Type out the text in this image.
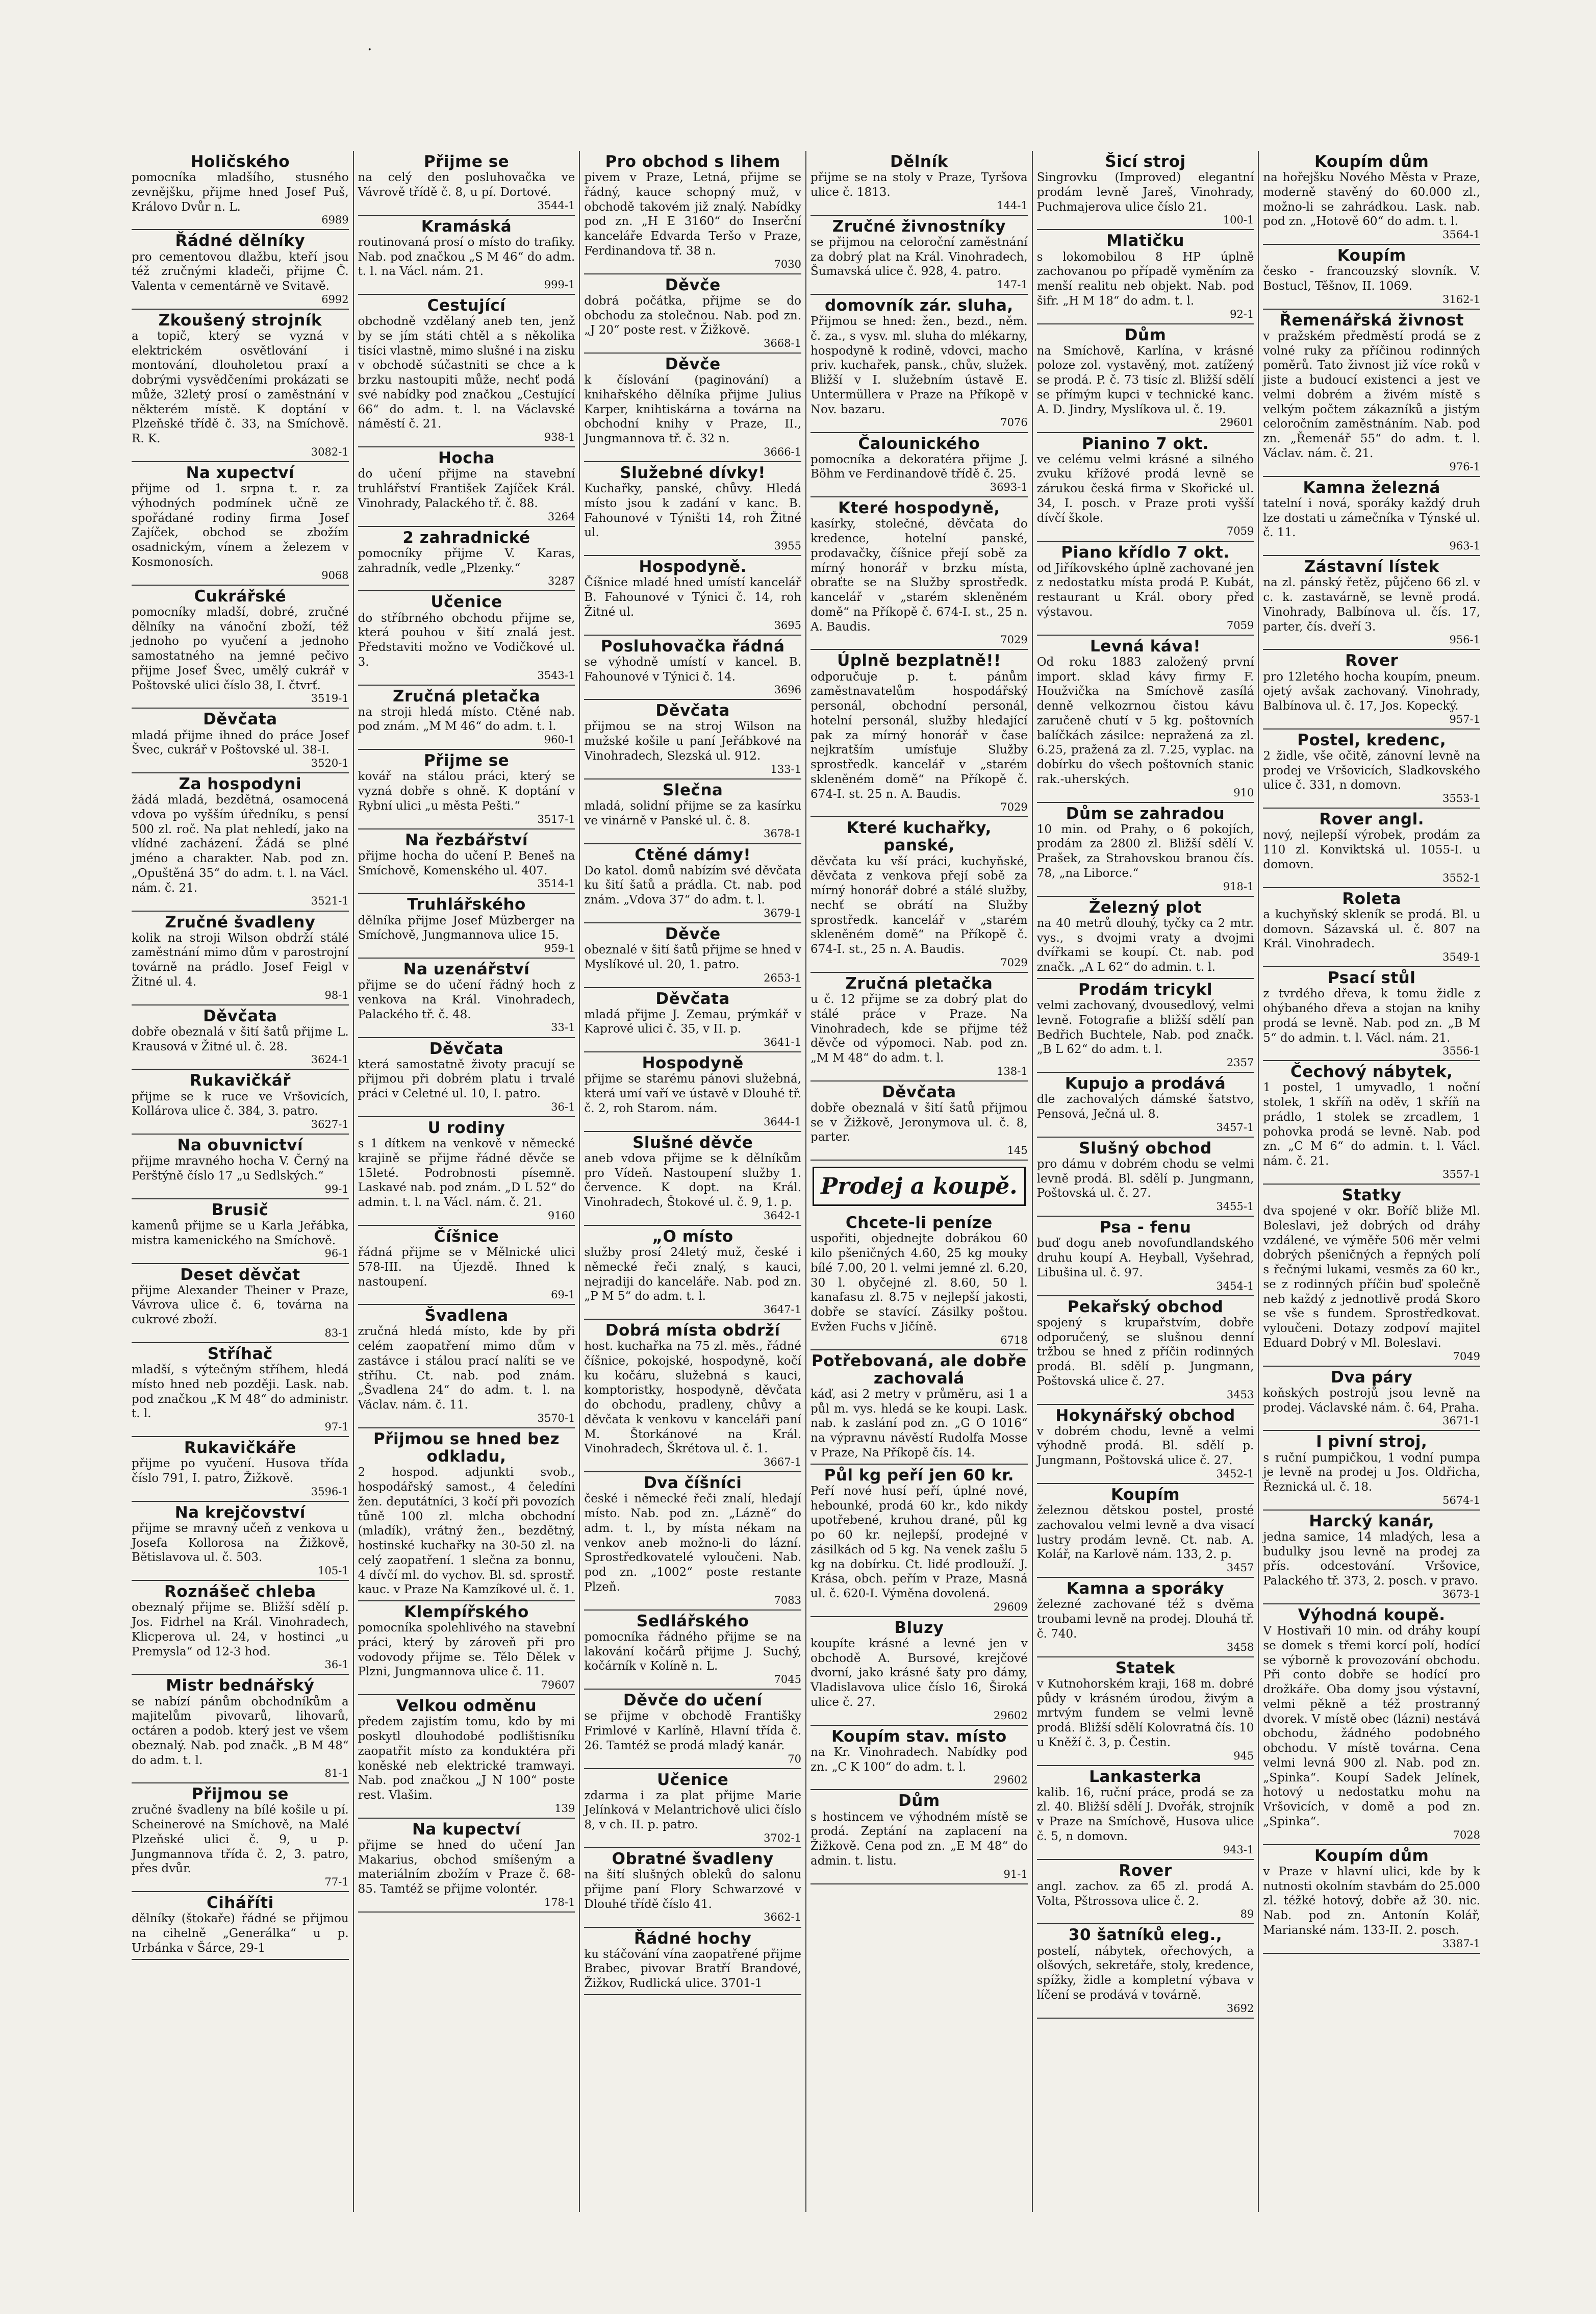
·
Holičského
pomocníka mladšího, stusného zevnějšku, přijme hned Josef Puš, Královo Dvůr n. L.
6989
Řádné dělníky
pro cementovou dlažbu, kteří jsou též zručnými kladeči, přijme Č. Valenta v cementárně ve Svitavě.
6992
Zkoušený strojník
a topič, který se vyzná v elektrickém osvětlování i montování, dlouholetou praxí a dobrými vysvědčeními prokázati se může, 32letý prosí o zaměstnání v některém místě. K doptání v Plzeňské třídě č. 33, na Smíchově. R. K.
3082-1
Na xupectví
přijme od 1. srpna t. r. za výhodných podmínek učně ze spořádané rodiny firma Josef Zajíček, obchod se zbožím osadnickým, vínem a železem v Kosmonosích.
9068
Cukrářské
pomocníky mladší, dobré, zručné dělníky na vánoční zboží, též jednoho po vyučení a jednoho samostatného na jemné pečivo přijme Josef Švec, umělý cukrář v Poštovské ulici číslo 38, I. čtvrť.
3519-1
Děvčata
mladá přijme ihned do práce Josef Švec, cukrář v Poštovské ul. 38-I.
3520-1
Za hospodyni
žádá mladá, bezdětná, osamocená vdova po vyšším úředníku, s pensí 500 zl. roč. Na plat nehledí, jako na vlídné zacházení. Žádá se plné jméno a charakter. Nab. pod zn. „Opuštěná 35“ do adm. t. l. na Václ. nám. č. 21.
3521-1
Zručné švadleny
kolik na stroji Wilson obdrží stálé zaměstnání mimo dům v parostrojní továrně na prádlo. Josef Feigl v Žitné ul. 4.
98-1
Děvčata
dobře obeznalá v šití šatů přijme L. Krausová v Žitné ul. č. 28.
3624-1
Rukavičkář
přijme se k ruce ve Vršovicích, Kollárova ulice č. 384, 3. patro.
3627-1
Na obuvnictví
přijme mravného hocha V. Černý na Perštýně číslo 17 „u Sedlských.“
99-1
Brusič
kamenů přijme se u Karla Jeřábka, mistra kamenického na Smíchově.
96-1
Deset děvčat
přijme Alexander Theiner v Praze, Vávrova ulice č. 6, továrna na cukrové zboží.
83-1
Stříhač
mladší, s výtečným stříhem, hledá místo hned neb později. Lask. nab. pod značkou „K M 48“ do administr. t. l.
97-1
Rukavičkáře
přijme po vyučení. Husova třída číslo 791, I. patro, Žižkově.
3596-1
Na krejčovství
přijme se mravný učeň z venkova u Josefa Kollorosa na Žižkově, Bětislavova ul. č. 503.
105-1
Roznášeč chleba
obeznalý přijme se. Bližší sdělí p. Jos. Fidrhel na Král. Vinohradech, Klicperova ul. 24, v hostinci „u Premysla“ od 12-3 hod.
36-1
Mistr bednářský
se nabízí pánům obchodníkům a majitelům pivovarů, lihovarů, octáren a podob. který jest ve všem obeznalý. Nab. pod značk. „B M 48“ do adm. t. l.
81-1
Přijmou se
zručné švadleny na bílé košile u pí. Scheinerové na Smíchově, na Malé Plzeňské ulici č. 9, u p. Jungmannova třída č. 2, 3. patro, přes dvůr.
77-1
Ciháříti
dělníky (štokaře) řádné se přijmou na cihelně „Generálka“ u p. Urbánka v Šárce, 29-1
Přijme se
na celý den posluhovačka ve Vávrově třídě č. 8, u pí. Dortové.
3544-1
Kramáská
routinovaná prosí o místo do trafiky. Nab. pod značkou „S M 46“ do adm. t. l. na Václ. nám. 21.
999-1
Cestující
obchodně vzdělaný aneb ten, jenž by se jím státi chtěl a s několika tisíci vlastně, mimo slušné i na zisku v obchodě súčastniti se chce a k brzku nastoupiti může, nechť podá své nabídky pod značkou „Cestující 66“ do adm. t. l. na Václavské náměstí č. 21.
938-1
Hocha
do učení přijme na stavební truhlářství František Zajíček Král. Vinohrady, Palackého tř. č. 88.
3264
2 zahradnické
pomocníky přijme V. Karas, zahradník, vedle „Plzenky.“
3287
Učenice
do stříbrného obchodu přijme se, která pouhou v šití znalá jest. Představiti možno ve Vodičkové ul. 3.
3543-1
Zručná pletačka
na stroji hledá místo. Ctěné nab. pod znám. „M M 46“ do adm. t. l.
960-1
Přijme se
kovář na stálou práci, který se vyzná dobře s ohně. K doptání v Rybní ulici „u města Pešti.“
3517-1
Na řezbářství
přijme hocha do učení P. Beneš na Smíchově, Komenského ul. 407.
3514-1
Truhlářského
dělníka přijme Josef Müzberger na Smíchově, Jungmannova ulice 15.
959-1
Na uzenářství
přijme se do učení řádný hoch z venkova na Král. Vinohradech, Palackého tř. č. 48.
33-1
Děvčata
která samostatně životy pracují se přijmou při dobrém platu i trvalé práci v Celetné ul. 10, I. patro.
36-1
U rodiny
s 1 dítkem na venkově v německé krajině se přijme řádné děvče se 15leté. Podrobnosti písemně. Laskavé nab. pod znám. „D L 52“ do admin. t. l. na Václ. nám. č. 21.
9160
Číšnice
řádná přijme se v Mělnické ulici 578-III. na Újezdě. Ihned k nastoupení.
69-1
Švadlena
zručná hledá místo, kde by při celém zaopatření mimo dům v zastávce i stálou prací nalíti se ve stříhu. Ct. nab. pod znám. „Švadlena 24“ do adm. t. l. na Václav. nám. č. 11.
3570-1
Přijmou se hned bez odkladu,
2 hospod. adjunkti svob., hospodářský samost., 4 čeledíni žen. deputátníci, 3 kočí při povozích tůně 100 zl. mlcha obchodní (mladík), vrátný žen., bezdětný, hostinské kuchařky na 30-50 zl. na celý zaopatření. 1 slečna za bonnu, 4 dívčí ml. do vychov. Bl. sd. sprostř. kauc. v Praze Na Kamzíkové ul. č. 1.
Klempířského
pomocníka spolehlivého na stavební práci, který by zároveň při pro vodovody přijme se. Tělo Dělek v Plzni, Jungmannova ulice č. 11.
79607
Velkou odměnu
předem zajistím tomu, kdo by mi poskytl dlouhodobé podlištisníku zaopatřit místo za konduktéra při koněské neb elektrické tramwayi. Nab. pod značkou „J N 100“ poste rest. Vlašim.
139
Na kupectví
přijme se hned do učení Jan Makarius, obchod smíšeným a materiálním zbožím v Praze č. 68-85. Tamtéž se přijme volontér.
178-1
Pro obchod s lihem
pivem v Praze, Letná, přijme se řádný, kauce schopný muž, v obchodě takovém již znalý. Nabídky pod zn. „H E 3160“ do Inserční kanceláře Edvarda Teršo v Praze, Ferdinandova tř. 38 n.
7030
Děvče
dobrá počátka, přijme se do obchodu za stolečnou. Nab. pod zn. „J 20“ poste rest. v Žižkově.
3668-1
Děvče
k číslování (paginování) a knihařského dělníka přijme Julius Karper, knihtiskárna a továrna na obchodní knihy v Praze, II., Jungmannova tř. č. 32 n.
3666-1
Služebné dívky!
Kuchařky, panské, chůvy. Hledá místo jsou k zadání v kanc. B. Fahounové v Týništi 14, roh Žitné ul.
3955
Hospodyně.
Číšnice mladé hned umístí kancelář B. Fahounové v Týnici č. 14, roh Žitné ul.
3695
Posluhovačka řádná
se výhodně umístí v kancel. B. Fahounové v Týnici č. 14.
3696
Děvčata
přijmou se na stroj Wilson na mužské košile u paní Jeřábkové na Vinohradech, Slezská ul. 912.
133-1
Slečna
mladá, solidní přijme se za kasírku ve vinárně v Panské ul. č. 8.
3678-1
Ctěné dámy!
Do katol. domů nabízím své děvčata ku šití šatů a prádla. Ct. nab. pod znám. „Vdova 37“ do adm. t. l.
3679-1
Děvče
obeznalé v šití šatů přijme se hned v Myslíkové ul. 20, 1. patro.
2653-1
Děvčata
mladá přijme J. Zemau, prýmkář v Kaprové ulici č. 35, v II. p.
3641-1
Hospodyně
přijme se starému pánovi služebná, která umí vaří ve ústavě v Dlouhé tř. č. 2, roh Starom. nám.
3644-1
Slušné děvče
aneb vdova přijme se k dělníkům pro Vídeň. Nastoupení služby 1. července. K dopt. na Král. Vinohradech, Štokové ul. č. 9, 1. p.
3642-1
„O místo
služby prosí 24letý muž, české i německé řeči znalý, s kauci, nejradiji do kanceláře. Nab. pod zn. „P M 5“ do adm. t. l.
3647-1
Dobrá místa obdrží
host. kuchařka na 75 zl. měs., řádné číšnice, pokojské, hospodyně, kočí ku kočáru, služebná s kauci, komptoristky, hospodyně, děvčata do obchodu, pradleny, chůvy a děvčata k venkovu v kanceláři paní M. Štorkánové na Král. Vinohradech, Škrétova ul. č. 1.
3667-1
Dva číšníci
české i německé řeči znalí, hledají místo. Nab. pod zn. „Lázně“ do adm. t. l., by místa nékam na venkov aneb možno-li do lázní. Sprostředkovatelé vyloučeni. Nab. pod zn. „1002“ poste restante Plzeň.
7083
Sedlářského
pomocníka řádného přijme se na lakování kočárů přijme J. Suchý, kočárník v Kolíně n. L.
7045
Děvče do učení
se přijme v obchodě Františky Frimlové v Karlíně, Hlavní třída č. 26. Tamtéž se prodá mladý kanár.
70
Učenice
zdarma i za plat přijme Marie Jelínková v Melantrichově ulici číslo 8, v ch. II. p. patro.
3702-1
Obratné švadleny
na šití slušných obleků do salonu přijme paní Flory Schwarzové v Dlouhé třídě číslo 41.
3662-1
Řádné hochy
ku stáčování vína zaopatřené přijme Brabec, pivovar Bratří Brandové, Žižkov, Rudlická ulice. 3701-1
Dělník
přijme se na stoly v Praze, Tyršova ulice č. 1813.
144-1
Zručné živnostníky
se přijmou na celoroční zaměstnání za dobrý plat na Král. Vinohradech, Šumavská ulice č. 928, 4. patro.
147-1
domovník zár. sluha,
Přijmou se hned: žen., bezd., něm. č. za., s vysv. ml. sluha do mlékarny, hospodyně k rodině, vdovci, macho priv. kuchařek, pansk., chův, služek. Bližší v I. služebním ústavě E. Untermüllera v Praze na Příkopě v Nov. bazaru.
7076
Čalounického
pomocníka a dekoratéra přijme J. Böhm ve Ferdinandově třídě č. 25.
3693-1
Které hospodyně,
kasírky, stolečné, děvčata do kredence, hotelní panské, prodavačky, číšnice přejí sobě za mírný honorář v brzku místa, obraťte se na Služby sprostředk. kancelář v „starém skleněném domě“ na Příkopě č. 674-I. st., 25 n. A. Baudis.
7029
Úplně bezplatně!!
odporučuje p. t. pánům zaměstnavatelům hospodářský personál, obchodní personál, hotelní personál, služby hledající pak za mírný honorář v čase nejkratším umísťuje Služby sprostředk. kancelář v „starém skleněném domě“ na Příkopě č. 674-I. st. 25 n. A. Baudis.
7029
Které kuchařky, panské,
děvčata ku vší práci, kuchyňské, děvčata z venkova přejí sobě za mírný honorář dobré a stálé služby, nechť se obrátí na Služby sprostředk. kancelář v „starém skleněném domě“ na Příkopě č. 674-I. st., 25 n. A. Baudis.
7029
Zručná pletačka
u č. 12 přijme se za dobrý plat do stálé práce v Praze. Na Vinohradech, kde se přijme též děvče od výpomoci. Nab. pod zn. „M M 48“ do adm. t. l.
138-1
Děvčata
dobře obeznalá v šití šatů přijmou se v Žižkově, Jeronymova ul. č. 8, parter.
145
Prodej a koupě.
Chcete-li peníze
uspořiti, objednejte dobrákou 60 kilo pšeničných 4.60, 25 kg mouky bílé 7.00, 20 l. velmi jemné zl. 6.20, 30 l. obyčejné zl. 8.60, 50 l. kanafasu zl. 8.75 v nejlepší jakosti, dobře se stavící. Zásilky poštou. Evžen Fuchs v Jičíně.
6718
Potřebovaná, ale dobře zachovalá
káď, asi 2 metry v průměru, asi 1 a půl m. vys. hledá se ke koupi. Lask. nab. k zaslání pod zn. „G O 1016“ na výpravnu návěstí Rudolfa Mosse v Praze, Na Příkopě čís. 14.
Půl kg peří jen 60 kr.
Peří nové husí peří, úplné nové, hebounké, prodá 60 kr., kdo nikdy upotřebené, kruhou drané, půl kg po 60 kr. nejlepší, prodejné v zásilkách od 5 kg. Na venek zašlu 5 kg na dobírku. Ct. lidé prodlouží. J. Krása, obch. peřím v Praze, Masná ul. č. 620-I. Výměna dovolená.
29609
Bluzy
koupíte krásné a levné jen v obchodě A. Bursové, krejčové dvorní, jako krásné šaty pro dámy, Vladislavova ulice číslo 16, Široká ulice č. 27.
29602
Koupím stav. místo
na Kr. Vinohradech. Nabídky pod zn. „C K 100“ do adm. t. l.
29602
Dům
s hostincem ve výhodném místě se prodá. Zeptání na zaplacení na Žižkově. Cena pod zn. „E M 48“ do admin. t. listu.
91-1
Šicí stroj
Singrovku (Improved) elegantní prodám levně Jareš, Vinohrady, Puchmajerova ulice číslo 21.
100-1
Mlatičku
s lokomobilou 8 HP úplně zachovanou po případě vyměním za menší realitu neb objekt. Nab. pod šifr. „H M 18“ do adm. t. l.
92-1
Dům
na Smíchově, Karlína, v krásné poloze zol. vystavěný, mot. zatížený se prodá. P. č. 73 tisíc zl. Bližší sdělí se přímým kupci v technické kanc. A. D. Jindry, Myslíkova ul. č. 19.
29601
Pianino 7 okt.
ve celému velmi krásné a silného zvuku křížové prodá levně se zárukou česká firma v Skořické ul. 34, I. posch. v Praze proti vyšší dívčí škole.
7059
Piano křídlo 7 okt.
od Jiříkovského úplně zachované jen z nedostatku místa prodá P. Kubát, restaurant u Král. obory před výstavou.
7059
Levná káva!
Od roku 1883 založený první import. sklad kávy firmy F. Houžvička na Smíchově zasílá denně velkozrnou čistou kávu zaručeně chutí v 5 kg. poštovních balíčkách zásilce: nepražená za zl. 6.25, pražená za zl. 7.25, vyplac. na dobírku do všech poštovních stanic rak.-uherských.
910
Dům se zahradou
10 min. od Prahy, o 6 pokojích, prodám za 2800 zl. Bližší sdělí V. Prašek, za Strahovskou branou čís. 78, „na Liborce.“
918-1
Železný plot
na 40 metrů dlouhý, tyčky ca 2 mtr. vys., s dvojmi vraty a dvojmi dvířkami se koupí. Ct. nab. pod značk. „A L 62“ do admin. t. l.
Prodám tricykl
velmi zachovaný, dvousedlový, velmi levně. Fotografie a bližší sdělí pan Bedřich Buchtele, Nab. pod značk. „B L 62“ do adm. t. l.
2357
Kupujo a prodává
dle zachovalých dámské šatstvo, Pensová, Ječná ul. 8.
3457-1
Slušný obchod
pro dámu v dobrém chodu se velmi levně prodá. Bl. sdělí p. Jungmann, Poštovská ul. č. 27.
3455-1
Psa - fenu
buď dogu aneb novofundlandského druhu koupí A. Heyball, Vyšehrad, Libušina ul. č. 97.
3454-1
Pekařský obchod
spojený s krupařstvím, dobře odporučený, se slušnou denní tržbou se hned z příčin rodinných prodá. Bl. sdělí p. Jungmann, Poštovská ulice č. 27.
3453
Hokynářský obchod
v dobrém chodu, levně a velmi výhodně prodá. Bl. sdělí p. Jungmann, Poštovská ulice č. 27.
3452-1
Koupím
železnou dětskou postel, prosté zachovalou velmi levně a dva visací lustry prodám levně. Ct. nab. A. Kolář, na Karlově nám. 133, 2. p.
3457
Kamna a sporáky
železné zachované též s dvěma troubami levně na prodej. Dlouhá tř. č. 740.
3458
Statek
v Kutnohorském kraji, 168 m. dobré půdy v krásném úrodou, živým a mrtvým fundem se velmi levně prodá. Bližší sdělí Kolovratná čís. 10 u Kněží č. 3, p. Čestin.
945
Lankasterka
kalib. 16, ruční práce, prodá se za zl. 40. Bližší sdělí J. Dvořák, strojník v Praze na Smíchově, Husova ulice č. 5, n domovn.
943-1
Rover
angl. zachov. za 65 zl. prodá A. Volta, Pštrossova ulice č. 2.
89
30 šatníků eleg.,
postelí, nábytek, ořechových, a olšových, sekretáře, stoly, kredence, spížky, židle a kompletní výbava v líčení se prodává v továrně.
3692
Koupím dům
na hořejšku Nového Města v Praze, moderně stavěný do 60.000 zl., možno-li se zahrádkou. Lask. nab. pod zn. „Hotově 60“ do adm. t. l.
3564-1
Koupím
česko - francouzský slovník. V. Bostucl, Těšnov, II. 1069.
3162-1
Řemenářská živnost
v pražském předměstí prodá se z volné ruky za příčinou rodinných poměrů. Tato živnost již více roků v jiste a budoucí existenci a jest ve velmi dobrém a živém místě s velkým počtem zákazníků a jistým celoročním zaměstnáním. Nab. pod zn. „Řemenář 55“ do adm. t. l. Václav. nám. č. 21.
976-1
Kamna železná
tatelní i nová, sporáky každý druh lze dostati u zámečníka v Týnské ul. č. 11.
963-1
Zástavní lístek
na zl. pánský řetěz, půjčeno 66 zl. v c. k. zastavárně, se levně prodá. Vinohrady, Balbínova ul. čís. 17, parter, čís. dveří 3.
956-1
Rover
pro 12letého hocha koupím, pneum. ojetý avšak zachovaný. Vinohrady, Balbínova ul. č. 17, Jos. Kopecký.
957-1
Postel, kredenc,
2 židle, vše očitě, zánovní levně na prodej ve Vršovicích, Sladkovského ulice č. 331, n domovn.
3553-1
Rover angl.
nový, nejlepší výrobek, prodám za 110 zl. Konviktská ul. 1055-I. u domovn.
3552-1
Roleta
a kuchyňský skleník se prodá. Bl. u domovn. Sázavská ul. č. 807 na Král. Vinohradech.
3549-1
Psací stůl
z tvrdého dřeva, k tomu židle z ohýbaného dřeva a stojan na knihy prodá se levně. Nab. pod zn. „B M 5“ do admin. t. l. Václ. nám. 21.
3556-1
Čechový nábytek,
1 postel, 1 umyvadlo, 1 noční stolek, 1 skříň na oděv, 1 skříň na prádlo, 1 stolek se zrcadlem, 1 pohovka prodá se levně. Nab. pod zn. „C M 6“ do admin. t. l. Václ. nám. č. 21.
3557-1
Statky
dva spojené v okr. Boříč bliže Ml. Boleslavi, jež dobrých od dráhy vzdálené, ve výměře 506 měr velmi dobrých pšeničných a řepných polí s řečnými lukami, vesměs za 60 kr., se z rodinných příčin buď společně neb každý z jednotlivě prodá Skoro se vše s fundem. Sprostředkovat. vyloučeni. Dotazy zodpoví majitel Eduard Dobrý v Ml. Boleslavi.
7049
Dva páry
koňských postrojů jsou levně na prodej. Václavské nám. č. 64, Praha.
3671-1
I pivní stroj,
s ruční pumpičkou, 1 vodní pumpa je levně na prodej u Jos. Oldřicha, Řeznická ul. č. 18.
5674-1
Harcký kanár,
jedna samice, 14 mladých, lesa a budulky jsou levně na prodej za přís. odcestování. Vršovice, Palackého tř. 373, 2. posch. v pravo.
3673-1
Výhodná koupě.
V Hostivaři 10 min. od dráhy koupí se domek s třemi korcí polí, hodící se výborně k provozování obchodu. Při conto dobře se hodící pro drožkáře. Oba domy jsou výstavní, velmi pěkně a též prostranný dvorek. V místě obec (lázni) nestává obchodu, žádného podobného obchodu. V místě továrna. Cena velmi levná 900 zl. Nab. pod zn. „Spinka“. Koupí Sadek Jelínek, hotový u nedostatku mohu na Vršovicích, v domě a pod zn. „Spinka“.
7028
Koupím dům
v Praze v hlavní ulici, kde by k nutnosti okolním stavbám do 25.000 zl. téžké hotový, dobře až 30. nic. Nab. pod zn. Antonín Kolář, Marianské nám. 133-II. 2. posch.
3387-1
